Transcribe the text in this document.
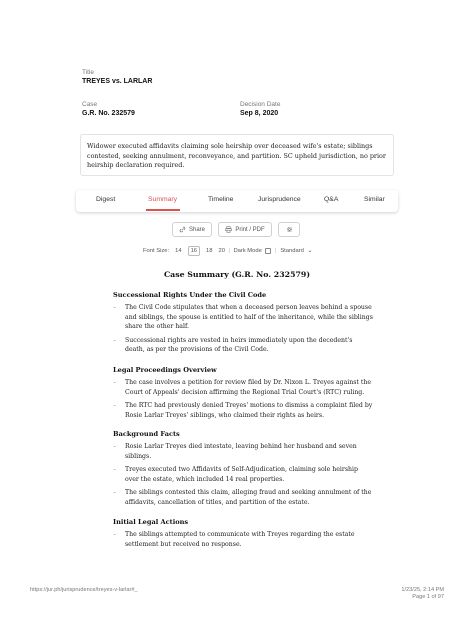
Title
TREYES vs. LARLAR
Case
G.R. No. 232579
Decision Date
Sep 8, 2020
Widower executed affidavits claiming sole heirship over deceased wife's estate; siblings contested, seeking annulment, reconveyance, and partition. SC upheld jurisdiction, no prior heirship declaration required.
Digest	Summary	Timeline	Jurisprudence	Q&A	Similar
Share	Print / PDF
Font Size: 14	16	18 20 | Dark Mode | Standard ⌄
Case Summary (G.R. No. 232579)
Successional Rights Under the Civil Code
– The Civil Code stipulates that when a deceased person leaves behind a spouse and siblings, the spouse is entitled to half of the inheritance, while the siblings share the other half.
– Successional rights are vested in heirs immediately upon the decedent's death, as per the provisions of the Civil Code.
Legal Proceedings Overview
– The case involves a petition for review filed by Dr. Nixon L. Treyes against the Court of Appeals' decision affirming the Regional Trial Court's (RTC) ruling.
– The RTC had previously denied Treyes' motions to dismiss a complaint filed by Rosie Larlar Treyes' siblings, who claimed their rights as heirs.
Background Facts
– Rosie Larlar Treyes died intestate, leaving behind her husband and seven siblings.
– Treyes executed two Affidavits of Self-Adjudication, claiming sole heirship over the estate, which included 14 real properties.
– The siblings contested this claim, alleging fraud and seeking annulment of the affidavits, cancellation of titles, and partition of the estate.
Initial Legal Actions
– The siblings attempted to communicate with Treyes regarding the estate settlement but received no response.
https://jur.ph/jurisprudence/treyes-v-larlar#_	1/23/25, 2:14 PM
Page 1 of 97
